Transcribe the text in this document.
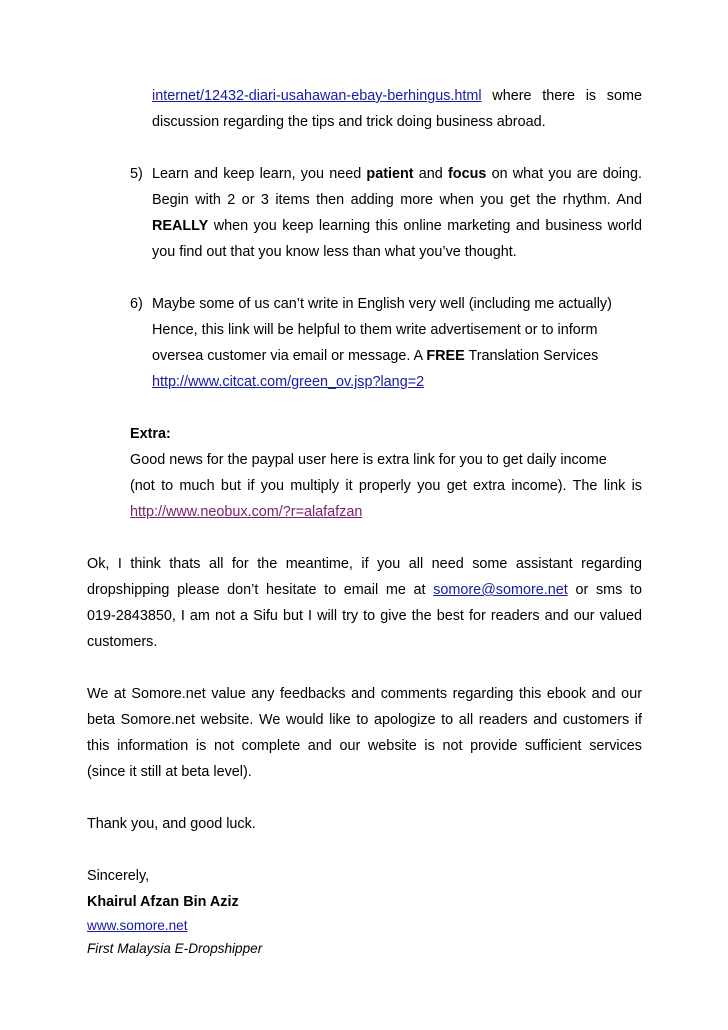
internet/12432-diari-usahawan-ebay-berhingus.html where there is some

discussion regarding the tips and trick doing business abroad.

5) Learn and keep learn, you need patient and focus on what you are doing.

Begin with 2 or 3 items then adding more when you get the rhythm. And

REALLY when you keep learning this online marketing and business world

you find out that you know less than what you’ve thought.

6) Maybe some of us can’t write in English very well (including me actually)

Hence, this link will be helpful to them write advertisement or to inform

oversea customer via email or message. A FREE Translation Services

http://www.citcat.com/green_ov.jsp?lang=2

Extra:

Good news for the paypal user here is extra link for you to get daily income

(not to much but if you multiply it properly you get extra income). The link is

http://www.neobux.com/?r=alafafzan

Ok, I think thats all for the meantime, if you all need some assistant regarding

dropshipping please don’t hesitate to email me at somore@somore.net or sms to

019-2843850, I am not a Sifu but I will try to give the best for readers and our valued

customers.

We at Somore.net value any feedbacks and comments regarding this ebook and our

beta Somore.net website. We would like to apologize to all readers and customers if

this information is not complete and our website is not provide sufficient services

(since it still at beta level).

Thank you, and good luck.

Sincerely,

Khairul Afzan Bin Aziz

www.somore.net

First Malaysia E-Dropshipper
